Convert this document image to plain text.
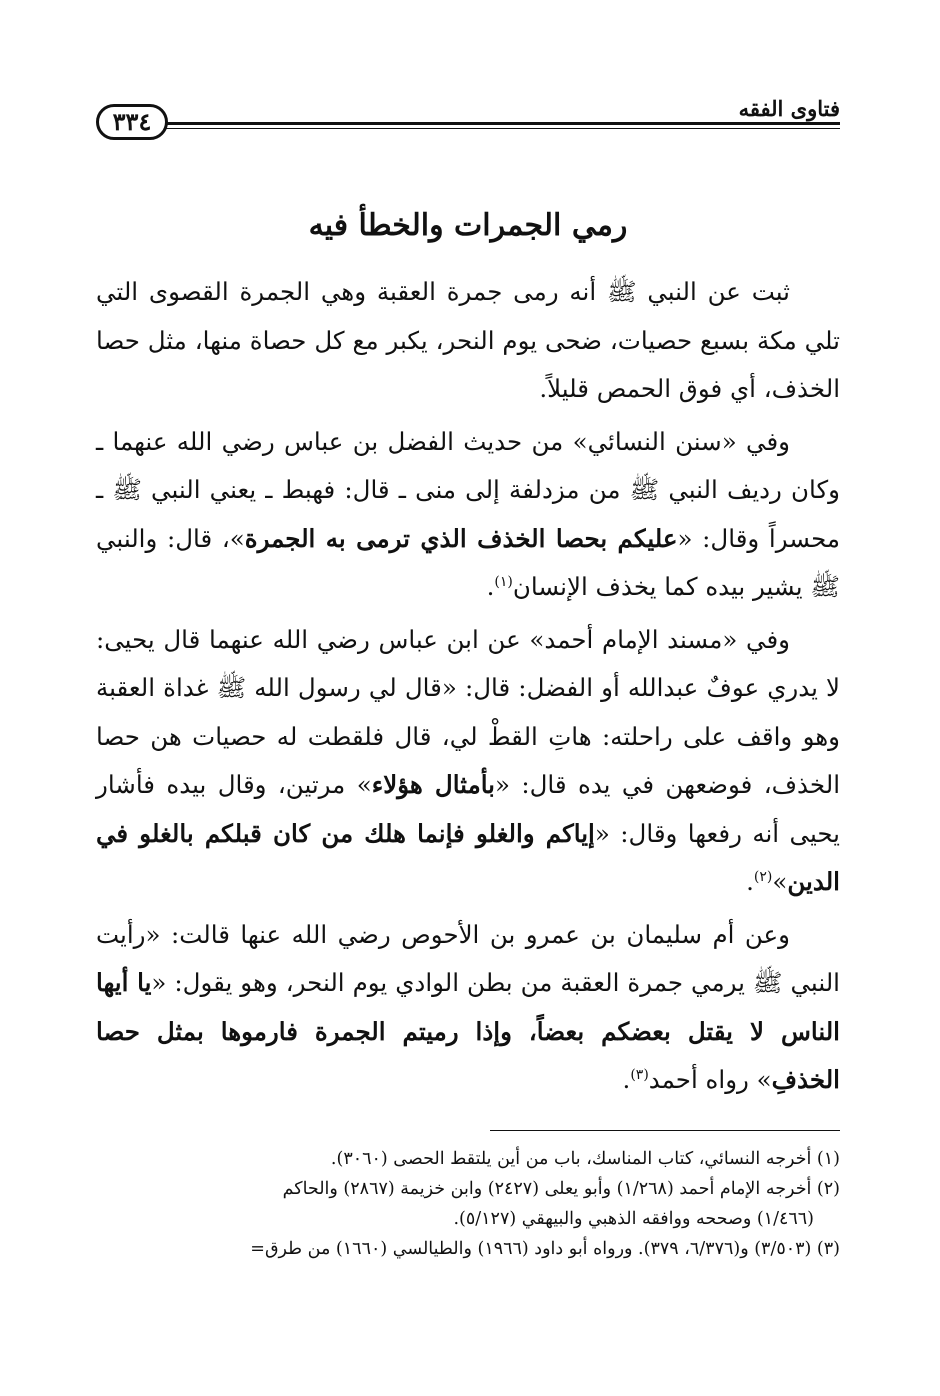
٣٣٤	فتاوى الفقه
رمي الجمرات والخطأ فيه

ثبت عن النبي ﷺ أنه رمى جمرة العقبة وهي الجمرة القصوى التي تلي مكة بسبع حصيات، ضحى يوم النحر، يكبر مع كل حصاة منها، مثل حصا الخذف، أي فوق الحمص قليلاً.

وفي «سنن النسائي» من حديث الفضل بن عباس رضي الله عنهما ـ وكان رديف النبي ﷺ من مزدلفة إلى منى ـ قال: فهبط ـ يعني النبي ﷺ ـ محسراً وقال: «عليكم بحصا الخذف الذي ترمى به الجمرة»، قال: والنبي ﷺ يشير بيده كما يخذف الإنسان$^{(١)}$.

وفي «مسند الإمام أحمد» عن ابن عباس رضي الله عنهما قال يحيى: لا يدري عوفٌ عبدالله أو الفضل: قال: «قال لي رسول الله ﷺ غداة العقبة وهو واقف على راحلته: هاتِ القطْ لي، قال فلقطت له حصيات هن حصا الخذف، فوضعهن في يده قال: «بأمثال هؤلاء» مرتين، وقال بيده فأشار يحيى أنه رفعها وقال: «إياكم والغلو فإنما هلك من كان قبلكم بالغلو في الدين»$^{(٢)}$.

وعن أم سليمان بن عمرو بن الأحوص رضي الله عنها قالت: «رأيت النبي ﷺ يرمي جمرة العقبة من بطن الوادي يوم النحر، وهو يقول: «يا أيها الناس لا يقتل بعضكم بعضاً، وإذا رميتم الجمرة فارموها بمثل حصا الخذفِ» رواه أحمد$^{(٣)}$.

(١) أخرجه النسائي، كتاب المناسك، باب من أين يلتقط الحصى (٣٠٦٠).

(٢) أخرجه الإمام أحمد (١/٢٦٨) وأبو يعلى (٢٤٢٧) وابن خزيمة (٢٨٦٧) والحاكم

(١/٤٦٦) وصححه ووافقه الذهبي والبيهقي (٥/١٢٧).

(٣) (٣/٥٠٣) و(٦/٣٧٦، ٣٧٩). ورواه أبو داود (١٩٦٦) والطيالسي (١٦٦٠) من طرق=
